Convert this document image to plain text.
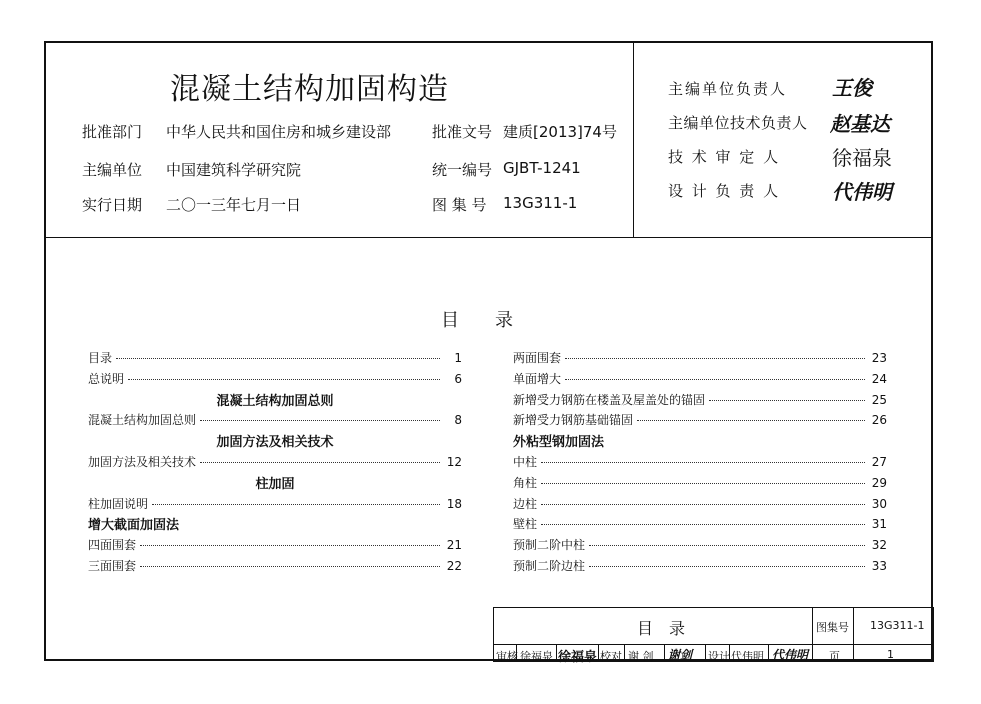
混凝土结构加固构造
批准部门 中华人民共和国住房和城乡建设部
主编单位 中国建筑科学研究院
实行日期 二〇一三年七月一日
批准文号 建质[2013]74号
统一编号 GJBT-1241
图 集 号 13G311-1
主编单位负责人 王俊
主编单位技术负责人 赵基达
技 术 审 定 人	徐福泉
设 计 负 责 人	代伟明
目　　录
目录	1
总说明	6
混凝土结构加固总则
混凝土结构加固总则	8
加固方法及相关技术
加固方法及相关技术	12
柱加固
柱加固说明	18
增大截面加固法
四面围套	21
三面围套	22
两面围套	23
单面增大	24
新增受力钢筋在楼盖及屋盖处的锚固	25
新增受力钢筋基础锚固	26
外粘型钢加固法
中柱	27
角柱	29
边柱	30
壁柱	31
预制二阶中柱	32
预制二阶边柱	33
目　录	图集号 13G311-1
审核 徐福泉 徐福泉 校对 谢 剑 谢剑 设计 代伟明 代伟明 页	1
